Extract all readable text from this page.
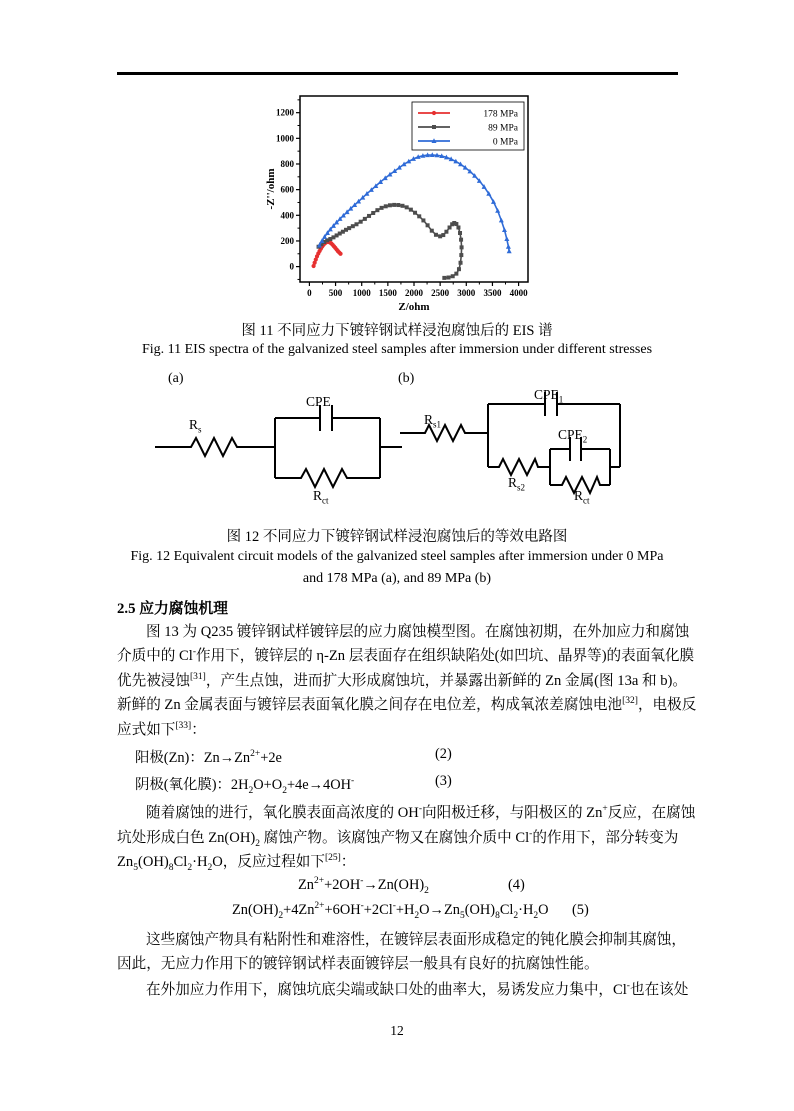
0 500 1000 1500 2000 2500 3000 3500 4000
0
200
400
600
800
1000
1200
Z/ohm
-Z''/ohm
178 MPa
89 MPa
0 MPa
图 11 不同应力下镀锌钢试样浸泡腐蚀后的 EIS 谱
Fig. 11 EIS spectra of the galvanized steel samples after immersion under different stresses
(a)	(b)
$R_s$
CPE
$R_{ct}$
$R_{s1}$
$CPE_1$
$CPE_2$
$R_{s2}$
$R_{ct}$
图 12 不同应力下镀锌钢试样浸泡腐蚀后的等效电路图
Fig. 12 Equivalent circuit models of the galvanized steel samples after immersion under 0 MPa
and 178 MPa (a), and 89 MPa (b)
2.5 应力腐蚀机理
图 13 为 Q235 镀锌钢试样镀锌层的应力腐蚀模型图。在腐蚀初期，在外加应力和腐蚀
介质中的 Cl-作用下，镀锌层的 η-Zn 层表面存在组织缺陷处(如凹坑、晶界等)的表面氧化膜
优先被浸蚀[31]，产生点蚀，进而扩大形成腐蚀坑，并暴露出新鲜的 Zn 金属(图 13a 和 b)。
新鲜的 Zn 金属表面与镀锌层表面氧化膜之间存在电位差，构成氧浓差腐蚀电池[32]，电极反
应式如下[33]：
阳极(Zn)：$Zn\to Zn^{2+}+2e$	(2)
阴极(氧化膜)：$2H_2O+O_2+4e\to 4OH^-$	(3)
随着腐蚀的进行，氧化膜表面高浓度的 OH-向阳极迁移，与阳极区的 Zn+反应，在腐蚀
坑处形成白色 $Zn(OH)_2$ 腐蚀产物。该腐蚀产物又在腐蚀介质中 Cl-的作用下，部分转变为
$Zn_5(OH)_8Cl_2\cdot H_2O$，反应过程如下[25]：
$Zn^{2+}+2OH^-\to Zn(OH)_2$	(4)
$Zn(OH)_2+4Zn^{2+}+6OH^-+2Cl^-+H_2O\to Zn_5(OH)_8Cl_2\cdot H_2O$ (5)
这些腐蚀产物具有粘附性和难溶性，在镀锌层表面形成稳定的钝化膜会抑制其腐蚀，
因此，无应力作用下的镀锌钢试样表面镀锌层一般具有良好的抗腐蚀性能。
在外加应力作用下，腐蚀坑底尖端或缺口处的曲率大，易诱发应力集中，Cl-也在该处
12
